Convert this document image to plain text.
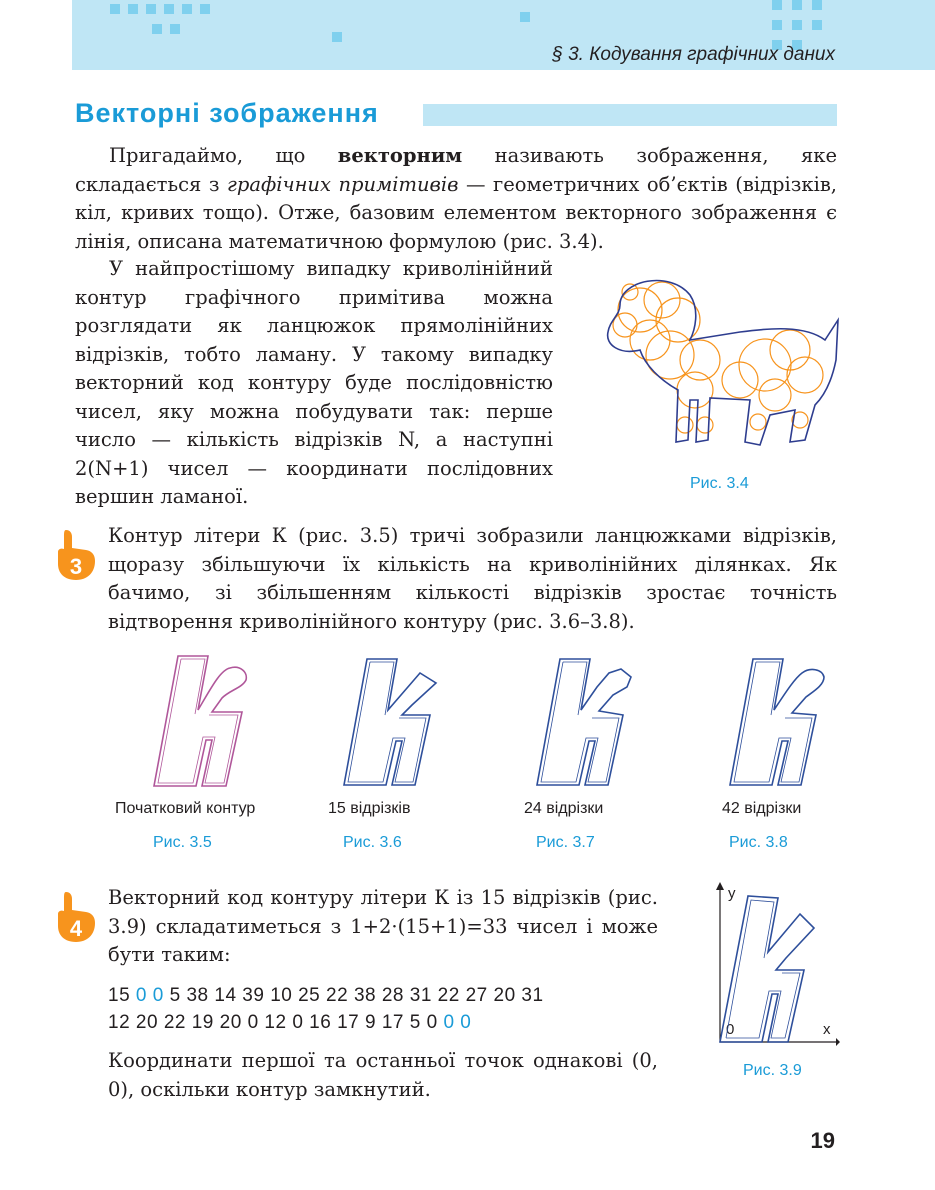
§ 3. Кодування графічних даних
Векторні зображення
Пригадаймо, що векторним називають зображення, яке складається з графічних примітивів — геометричних об’єктів (відрізків, кіл, кривих тощо). Отже, базовим елементом векторного зображення є лінія, описана математичною формулою (рис. 3.4).
У найпростішому випадку криволінійний контур графічного примітива можна розглядати як ланцюжок прямолінійних відрізків, тобто ламану. У такому випадку векторний код контуру буде послідовністю чисел, яку можна побудувати так: перше число — кількість відрізків N, а наступні 2(N+1) чисел — координати послідовних вершин ламаної.
Рис. 3.4
3
Контур літери К (рис. 3.5) тричі зобразили ланцюжками відрізків, щоразу збільшуючи їх кількість на криволінійних ділянках. Як бачимо, зі збільшенням кількості відрізків зростає точність відтворення криволінійного контуру (рис. 3.6–3.8).
Початковий контур	15 відрізків	24 відрізки	42 відрізки
Рис. 3.5	Рис. 3.6	Рис. 3.7	Рис. 3.8
4
Векторний код контуру літери К із 15 відрізків (рис. 3.9) складатиметься з 1+2·(15+1)=33 чисел і може бути таким:
15 0 0 5 38 14 39 10 25 22 38 28 31 22 27 20 31
12 20 22 19 20 0 12 0 16 17 9 17 5 0 0 0
Координати першої та останньої точок однакові (0, 0), оскільки контур замкнутий.
y
x
0
Рис. 3.9
19
